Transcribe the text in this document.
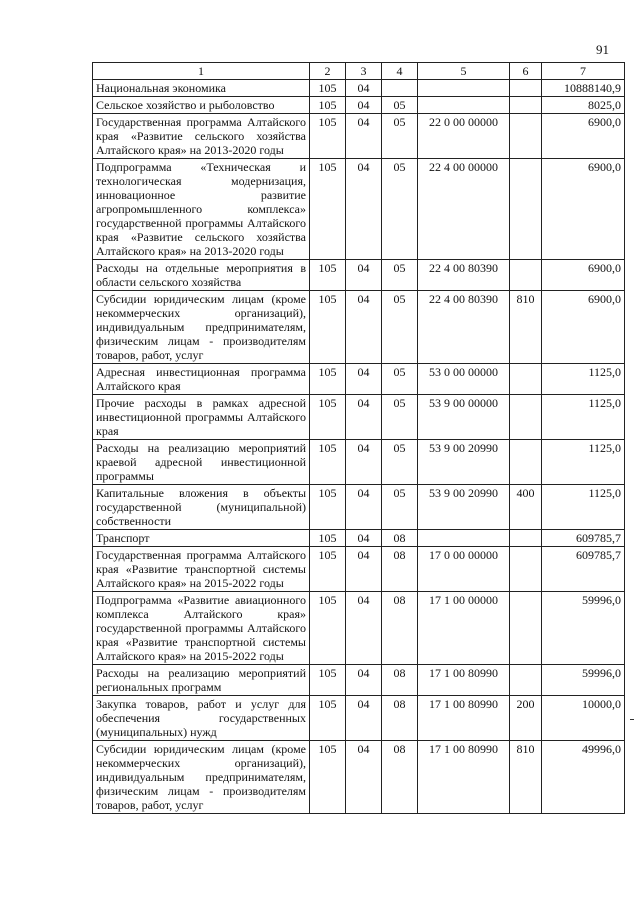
91
1	2	3	4	5	6	7
Национальная экономика	105	04				10888140,9
Сельское хозяйство и рыболовство	105	04	05			8025,0
Государственная программа Алтайского края «Развитие сельского хозяйства Алтайского края» на 2013-2020 годы	105	04	05	22 0 00 00000		6900,0
Подпрограмма «Техническая и технологическая модернизация, инновационное развитие агропромышленного комплекса» государственной программы Алтайского края «Развитие сельского хозяйства Алтайского края» на 2013-2020 годы	105	04	05	22 4 00 00000		6900,0
Расходы на отдельные мероприятия в области сельского хозяйства	105	04	05	22 4 00 80390		6900,0
Субсидии юридическим лицам (кроме некоммерческих организаций), индивидуальным предпринимателям, физическим лицам - производителям товаров, работ, услуг	105	04	05	22 4 00 80390	810	6900,0
Адресная инвестиционная программа Алтайского края	105	04	05	53 0 00 00000		1125,0
Прочие расходы в рамках адресной инвестиционной программы Алтайского края	105	04	05	53 9 00 00000		1125,0
Расходы на реализацию мероприятий краевой адресной инвестиционной программы	105	04	05	53 9 00 20990		1125,0
Капитальные вложения в объекты государственной (муниципальной) собственности	105	04	05	53 9 00 20990	400	1125,0
Транспорт	105	04	08			609785,7
Государственная программа Алтайского края «Развитие транспортной системы Алтайского края» на 2015-2022 годы	105	04	08	17 0 00 00000		609785,7
Подпрограмма «Развитие авиационного комплекса Алтайского края» государственной программы Алтайского края «Развитие транспортной системы Алтайского края» на 2015-2022 годы	105	04	08	17 1 00 00000		59996,0
Расходы на реализацию мероприятий региональных программ	105	04	08	17 1 00 80990		59996,0
Закупка товаров, работ и услуг для обеспечения государственных (муниципальных) нужд	105	04	08	17 1 00 80990	200	10000,0
Субсидии юридическим лицам (кроме некоммерческих организаций), индивидуальным предпринимателям, физическим лицам - производителям товаров, работ, услуг	105	04	08	17 1 00 80990	810	49996,0
